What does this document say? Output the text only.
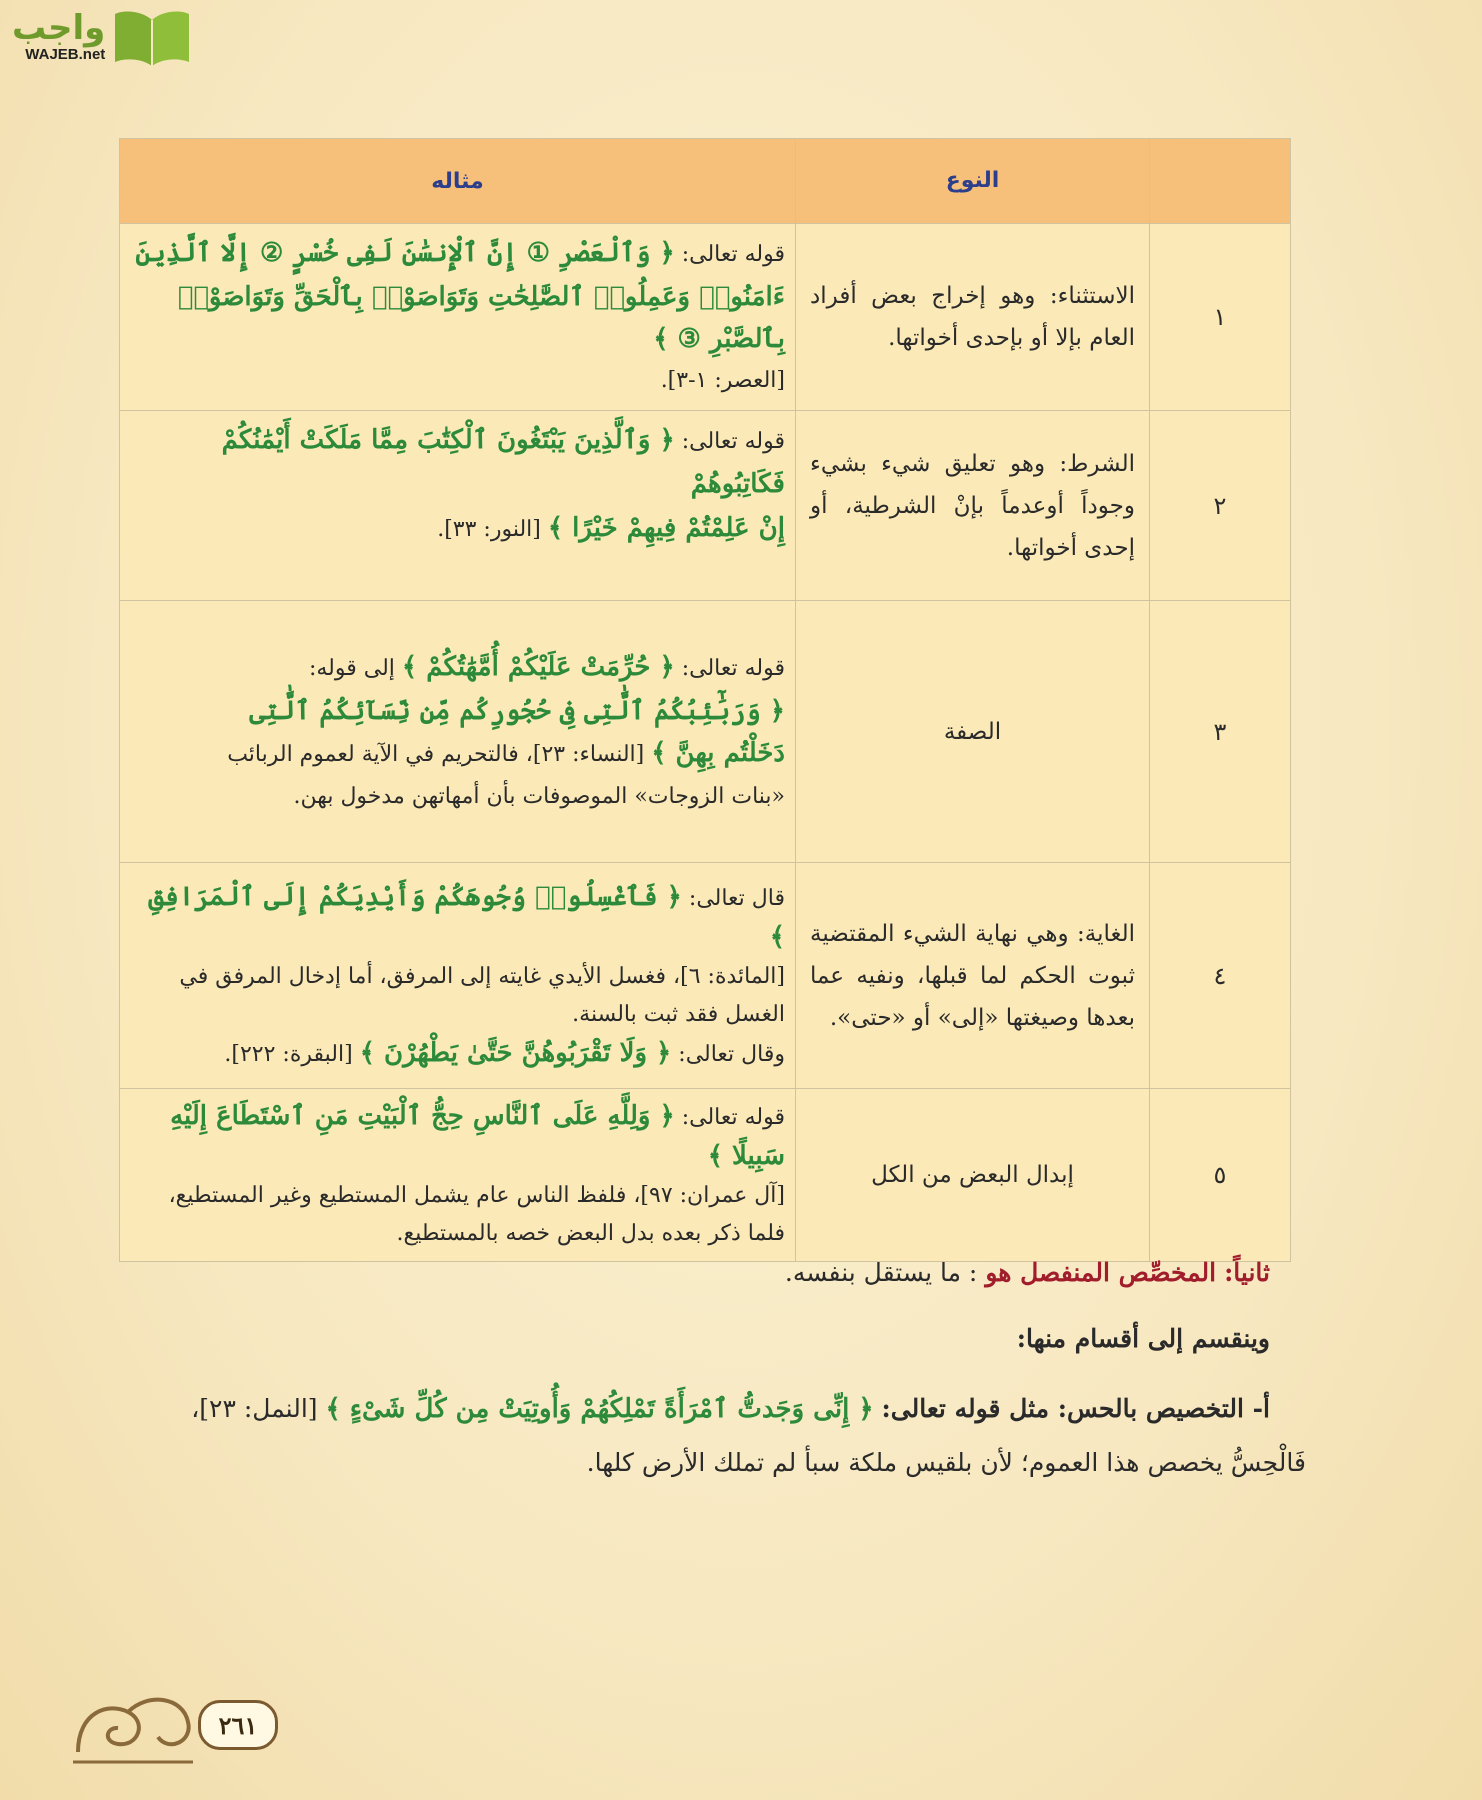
واجب
WAJEB.net
	النوع	مثاله
١	الاستثناء: وهو إخراج بعض أفراد العام بإلا أو بإحدى أخواتها.	قوله تعالى: ﴿ وَٱلْعَصْرِ ① إِنَّ ٱلْإِنسَٰنَ لَفِى خُسْرٍ ② إِلَّا ٱلَّذِينَ
ءَامَنُوا۟ وَعَمِلُوا۟ ٱلصَّٰلِحَٰتِ وَتَوَاصَوْا۟ بِٱلْحَقِّ وَتَوَاصَوْا۟ بِٱلصَّبْرِ ③ ﴾
[العصر: ١-٣].

٢	الشرط: وهو تعليق شيء بشيء وجوداً أوعدماً بإنْ الشرطية، أو إحدى أخواتها.	قوله تعالى: ﴿ وَٱلَّذِينَ يَبْتَغُونَ ٱلْكِتَٰبَ مِمَّا مَلَكَتْ أَيْمَٰنُكُمْ فَكَاتِبُوهُمْ
إِنْ عَلِمْتُمْ فِيهِمْ خَيْرًا ﴾ [النور: ٣٣].

٣	الصفة	قوله تعالى: ﴿ حُرِّمَتْ عَلَيْكُمْ أُمَّهَٰتُكُمْ ﴾ إلى قوله:
﴿ وَرَبَٰٓئِبُكُمُ ٱلَّٰتِى فِى حُجُورِكُم مِّن نِّسَآئِكُمُ ٱلَّٰتِى
دَخَلْتُم بِهِنَّ ﴾ [النساء: ٢٣]، فالتحريم في الآية لعموم الربائب
«بنات الزوجات» الموصوفات بأن أمهاتهن مدخول بهن.

٤	الغاية: وهي نهاية الشيء المقتضية ثبوت الحكم لما قبلها، ونفيه عما بعدها وصيغتها «إلى» أو «حتى».	قال تعالى: ﴿ فَٱغْسِلُوا۟ وُجُوهَكُمْ وَأَيْدِيَكُمْ إِلَى ٱلْمَرَافِقِ ﴾
[المائدة: ٦]، فغسل الأيدي غايته إلى المرفق، أما إدخال المرفق في الغسل فقد ثبت بالسنة.
وقال تعالى: ﴿ وَلَا تَقْرَبُوهُنَّ حَتَّىٰ يَطْهُرْنَ ﴾ [البقرة: ٢٢٢].

٥	إبدال البعض من الكل	قوله تعالى: ﴿ وَلِلَّهِ عَلَى ٱلنَّاسِ حِجُّ ٱلْبَيْتِ مَنِ ٱسْتَطَاعَ إِلَيْهِ سَبِيلًا ﴾
[آل عمران: ٩٧]، فلفظ الناس عام يشمل المستطيع وغير المستطيع، فلما ذكر بعده بدل البعض خصه بالمستطيع.
ثانياً: المخصِّص المنفصل هو : ما يستقل بنفسه.
وينقسم إلى أقسام منها:
أ- التخصيص بالحس: مثل قوله تعالى: ﴿ إِنِّى وَجَدتُّ ٱمْرَأَةً تَمْلِكُهُمْ وَأُوتِيَتْ مِن كُلِّ شَىْءٍ ﴾ [النمل: ٢٣]،
فَالْحِسُّ يخصص هذا العموم؛ لأن بلقيس ملكة سبأ لم تملك الأرض كلها.
٢٦١
